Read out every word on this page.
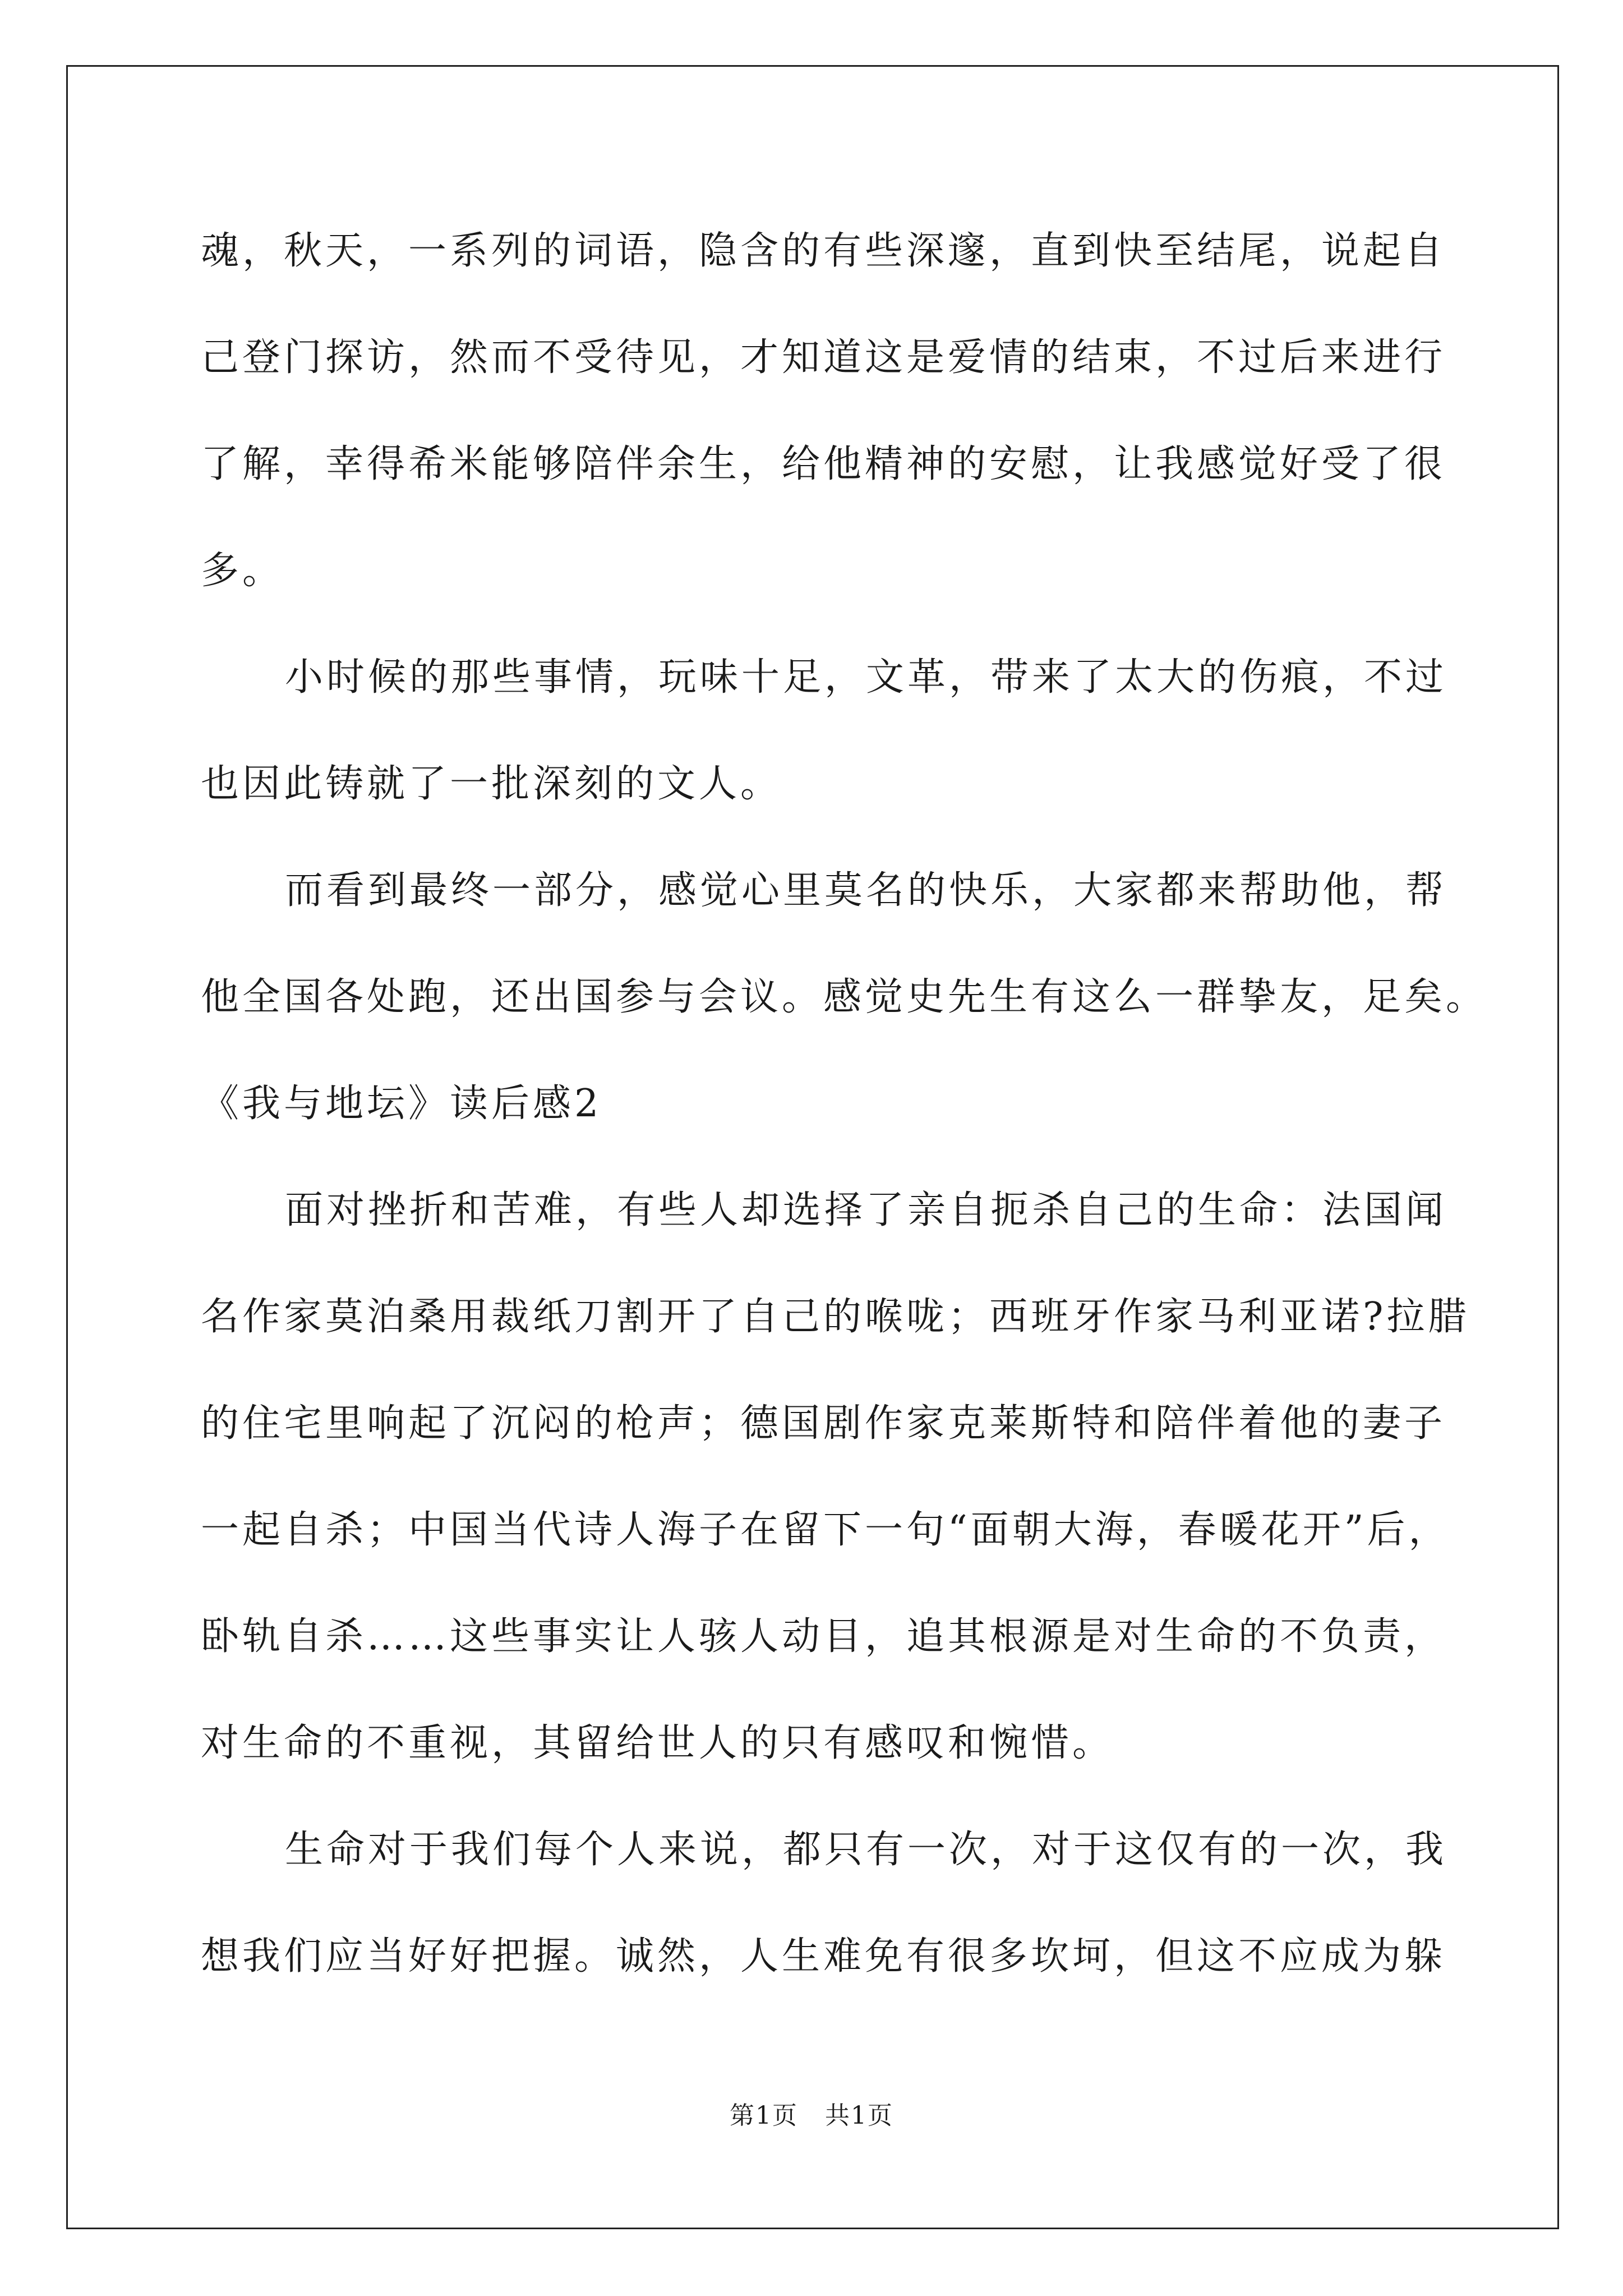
魂，秋天，一系列的词语，隐含的有些深邃，直到快至结尾，说起自
己登门探访，然而不受待见，才知道这是爱情的结束，不过后来进行
了解，幸得希米能够陪伴余生，给他精神的安慰，让我感觉好受了很
多。
小时候的那些事情，玩味十足，文革，带来了太大的伤痕，不过
也因此铸就了一批深刻的文人。
而看到最终一部分，感觉心里莫名的快乐，大家都来帮助他，帮
他全国各处跑，还出国参与会议。感觉史先生有这么一群挚友，足矣。
《我与地坛》读后感2
面对挫折和苦难，有些人却选择了亲自扼杀自己的生命：法国闻
名作家莫泊桑用裁纸刀割开了自己的喉咙；西班牙作家马利亚诺?拉腊
的住宅里响起了沉闷的枪声；德国剧作家克莱斯特和陪伴着他的妻子
一起自杀；中国当代诗人海子在留下一句“面朝大海，春暖花开”后，
卧轨自杀……这些事实让人骇人动目，追其根源是对生命的不负责，
对生命的不重视，其留给世人的只有感叹和惋惜。
生命对于我们每个人来说，都只有一次，对于这仅有的一次，我
想我们应当好好把握。诚然，人生难免有很多坎坷，但这不应成为躲
第1页   共1页
